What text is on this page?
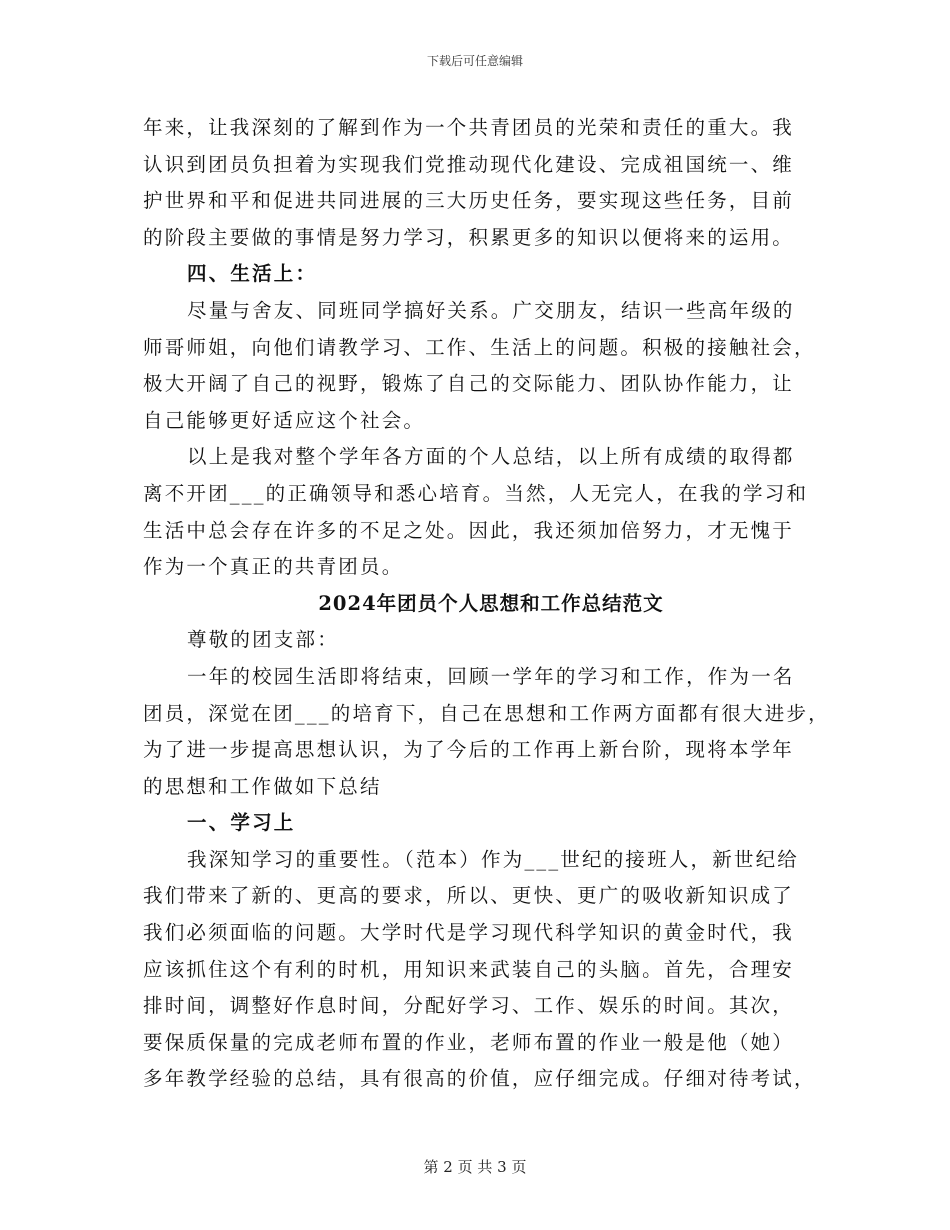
下载后可任意编辑
年来，让我深刻的了解到作为一个共青团员的光荣和责任的重大。我
认识到团员负担着为实现我们党推动现代化建设、完成祖国统一、维
护世界和平和促进共同进展的三大历史任务，要实现这些任务，目前
的阶段主要做的事情是努力学习，积累更多的知识以便将来的运用。
四、生活上：
尽量与舍友、同班同学搞好关系。广交朋友，结识一些高年级的
师哥师姐，向他们请教学习、工作、生活上的问题。积极的接触社会，
极大开阔了自己的视野，锻炼了自己的交际能力、团队协作能力，让
自己能够更好适应这个社会。
以上是我对整个学年各方面的个人总结，以上所有成绩的取得都
离不开团___的正确领导和悉心培育。当然，人无完人，在我的学习和
生活中总会存在许多的不足之处。因此，我还须加倍努力，才无愧于
作为一个真正的共青团员。
2024年团员个人思想和工作总结范文
尊敬的团支部：
一年的校园生活即将结束，回顾一学年的学习和工作，作为一名
团员，深觉在团___的培育下，自己在思想和工作两方面都有很大进步，
为了进一步提高思想认识，为了今后的工作再上新台阶，现将本学年
的思想和工作做如下总结
一、学习上
我深知学习的重要性。（范本）作为___世纪的接班人，新世纪给
我们带来了新的、更高的要求，所以、更快、更广的吸收新知识成了
我们必须面临的问题。大学时代是学习现代科学知识的黄金时代，我
应该抓住这个有利的时机，用知识来武装自己的头脑。首先，合理安
排时间，调整好作息时间，分配好学习、工作、娱乐的时间。其次，
要保质保量的完成老师布置的作业，老师布置的作业一般是他（她）
多年教学经验的总结，具有很高的价值，应仔细完成。仔细对待考试，
第 2 页 共 3 页
